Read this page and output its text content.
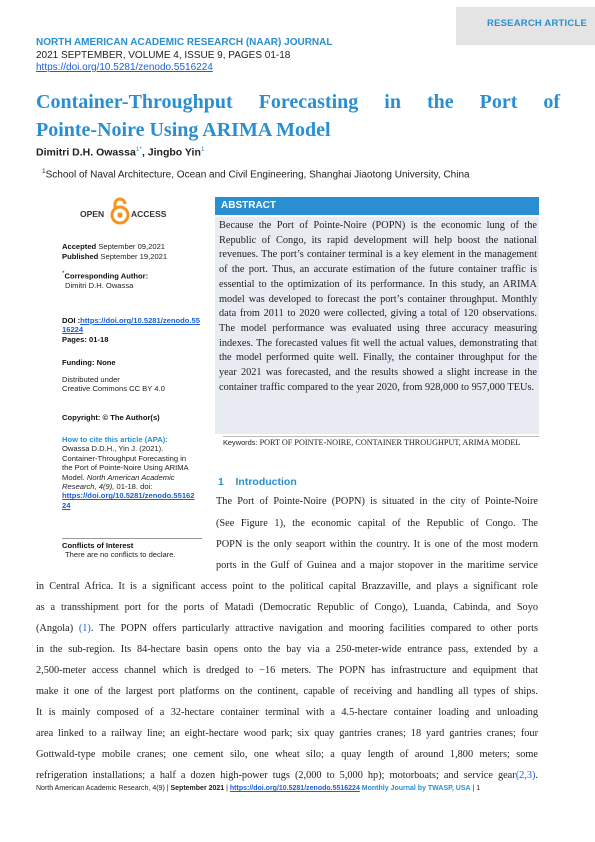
RESEARCH ARTICLE
NORTH AMERICAN ACADEMIC RESEARCH (NAAR) JOURNAL
2021 SEPTEMBER, VOLUME 4, ISSUE 9, PAGES 01-18
https://doi.org/10.5281/zenodo.5516224
Container-Throughput Forecasting in the Port of
Pointe-Noire Using ARIMA Model
Dimitri D.H. Owassa$^{1*}$, Jingbo Yin$^1$
$^1$School of Naval Architecture, Ocean and Civil Engineering, Shanghai Jiaotong University, China
OPEN	ACCESS
Accepted September 09,2021
Published September 19,2021
*Corresponding Author:
Dimitri D.H. Owassa
DOI :https://doi.org/10.5281/zenodo.5516224
Pages: 01-18
Funding: None
Distributed under
Creative Commons CC BY 4.0
Copyright: © The Author(s)
How to cite this article (APA):
Owassa D.D.H., Yin J. (2021). Container-Throughput Forecasting in the Port of Pointe-Noire Using ARIMA Model. North American Academic Research, 4(9), 01-18. doi:
https://doi.org/10.5281/zenodo.5516224
Conflicts of Interest
There are no conflicts to declare.
ABSTRACT
Because the Port of Pointe-Noire (POPN) is the economic lung of the Republic of Congo, its rapid development will help boost the national revenues. The port’s container terminal is a key element in the management of the port. Thus, an accurate estimation of the future container traffic is essential to the optimization of its performance. In this study, an ARIMA model was developed to forecast the port’s container throughput. Monthly data from 2011 to 2020 were collected, giving a total of 120 observations. The model performance was evaluated using three accuracy measuring indexes. The forecasted values fit well the actual values, demonstrating that the model performed quite well. Finally, the container throughput for the year 2021 was forecasted, and the results showed a slight increase in the container traffic compared to the year 2020, from 928,000 to 957,000 TEUs.
Keywords: PORT OF POINTE-NOIRE, CONTAINER THROUGHPUT, ARIMA MODEL
1 Introduction
The Port of Pointe-Noire (POPN) is situated in the city of Pointe-Noire
(See Figure 1), the economic capital of the Republic of Congo. The
POPN is the only seaport within the country. It is one of the most modern
ports in the Gulf of Guinea and a major stopover in the maritime service
in Central Africa. It is a significant access point to the political capital Brazzaville, and plays a significant role
as a transshipment port for the ports of Matadi (Democratic Republic of Congo), Luanda, Cabinda, and Soyo
(Angola) (1). The POPN offers particularly attractive navigation and mooring facilities compared to other ports
in the sub-region. Its 84-hectare basin opens onto the bay via a 250-meter-wide entrance pass, extended by a
2,500-meter access channel which is dredged to −16 meters. The POPN has infrastructure and equipment that
make it one of the largest port platforms on the continent, capable of receiving and handling all types of ships.
It is mainly composed of a 32-hectare container terminal with a 4.5-hectare container loading and unloading
area linked to a railway line; an eight-hectare wood park; six quay gantries cranes; 18 yard gantries cranes; four
Gottwald-type mobile cranes; one cement silo, one wheat silo; a quay length of around 1,800 meters; some
refrigeration installations; a half a dozen high-power tugs (2,000 to 5,000 hp); motorboats; and service gear(2,3).
North American Academic Research, 4(9) | September 2021 | https://doi.org/10.5281/zenodo.5516224 Monthly Journal by TWASP, USA | 1
